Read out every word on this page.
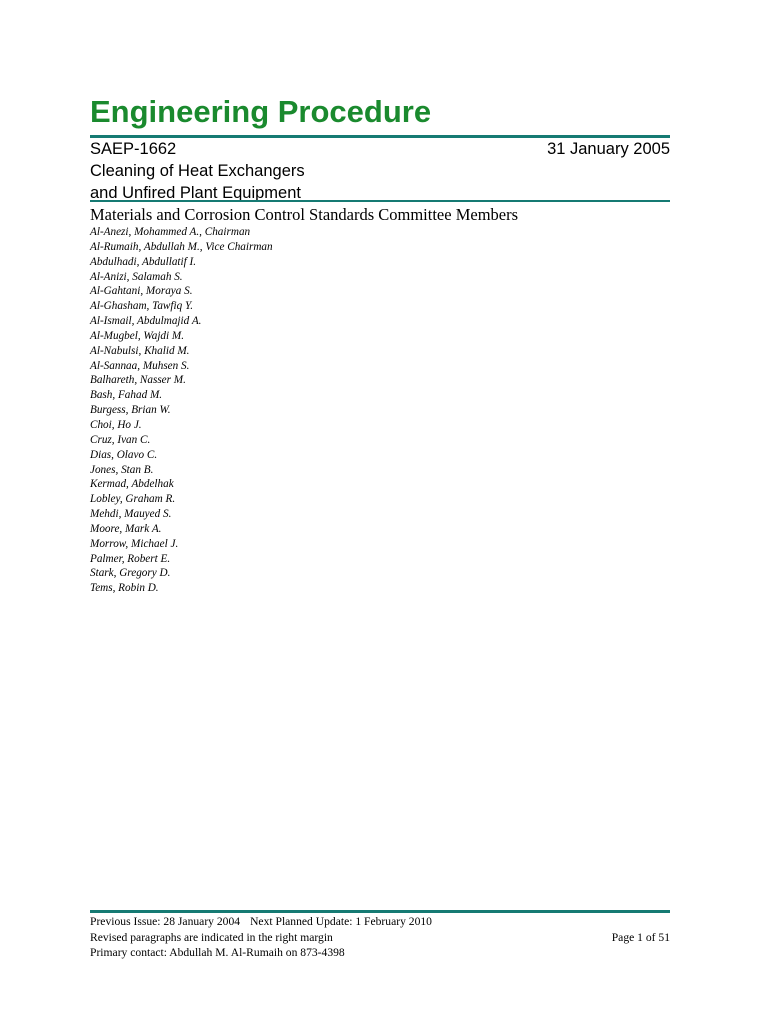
Engineering Procedure
SAEP-1662	31 January 2005
Cleaning of Heat Exchangers
and Unfired Plant Equipment
Materials and Corrosion Control Standards Committee Members
Al-Anezi, Mohammed A., Chairman
Al-Rumaih, Abdullah M., Vice Chairman
Abdulhadi, Abdullatif I.
Al-Anizi, Salamah S.
Al-Gahtani, Moraya S.
Al-Ghasham, Tawfiq Y.
Al-Ismail, Abdulmajid A.
Al-Mugbel, Wajdi M.
Al-Nabulsi, Khalid M.
Al-Sannaa, Muhsen S.
Balhareth, Nasser M.
Bash, Fahad M.
Burgess, Brian W.
Choi, Ho J.
Cruz, Ivan C.
Dias, Olavo C.
Jones, Stan B.
Kermad, Abdelhak
Lobley, Graham R.
Mehdi, Mauyed S.
Moore, Mark A.
Morrow, Michael J.
Palmer, Robert E.
Stark, Gregory D.
Tems, Robin D.
Previous Issue: 28 January 2004 Next Planned Update: 1 February 2010
Revised paragraphs are indicated in the right margin
Primary contact: Abdullah M. Al-Rumaih on 873-4398
Page 1 of 51
